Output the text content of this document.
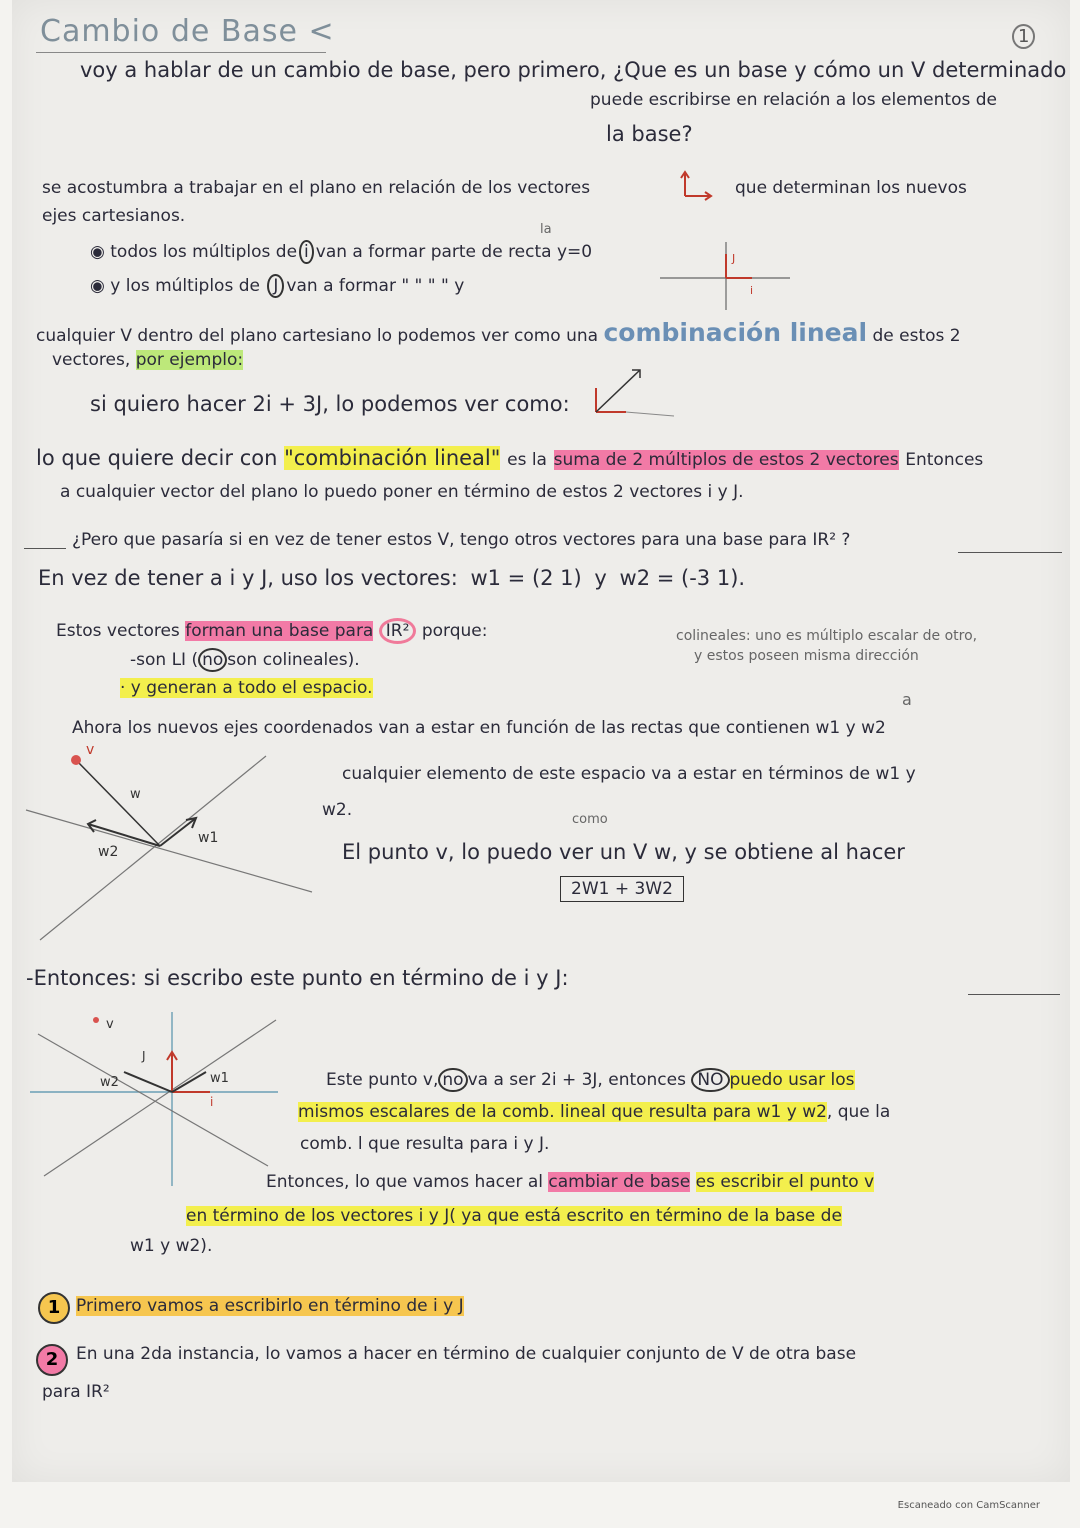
Cambio de Base <	1
voy a hablar de un cambio de base, pero primero, ¿Que es un base y cómo un V determinado
puede escribirse en relación a los elementos de
la base?
se acostumbra a trabajar en el plano en relación de los vectores	que determinan los nuevos
ejes cartesianos.
la
◉ todos los múltiplos de i van a formar parte de recta y=0
◉ y los múltiplos de J van a formar " " " " y
J
i
cualquier V dentro del plano cartesiano lo podemos ver como una combinación lineal de estos 2
vectores, por ejemplo:
si quiero hacer 2i + 3J, lo podemos ver como:
lo que quiere decir con "combinación lineal" es la suma de 2 múltiplos de estos 2 vectores Entonces
a cualquier vector del plano lo puedo poner en término de estos 2 vectores i y J.
¿Pero que pasaría si en vez de tener estos V, tengo otros vectores para una base para IR² ?
En vez de tener a i y J, uso los vectores: w1 = (2 1) y w2 = (-3 1).
Estos vectores forman una base para IR² porque:
-son LI ( no son colineales).
· y generan a todo el espacio.
colineales: uno es múltiplo escalar de otro,
y estos poseen misma dirección
a
Ahora los nuevos ejes coordenados van a estar en función de las rectas que contienen w1 y w2
cualquier elemento de este espacio va a estar en términos de w1 y
w2.	como
El punto v, lo puedo ver un V w, y se obtiene al hacer
2W1 + 3W2
v
w
w1
w2
-Entonces: si escribo este punto en término de i y J:
v
J
i
w1
w2	Este punto v, no va a ser 2i + 3J, entonces NO puedo usar los
mismos escalares de la comb. lineal que resulta para w1 y w2, que la
comb. l que resulta para i y J.
Entonces, lo que vamos hacer al cambiar de base es escribir el punto v
en término de los vectores i y J( ya que está escrito en término de la base de
w1 y w2).
1 Primero vamos a escribirlo en término de i y J
2	En una 2da instancia, lo vamos a hacer en término de cualquier conjunto de V de otra base
para IR²
Escaneado con CamScanner
